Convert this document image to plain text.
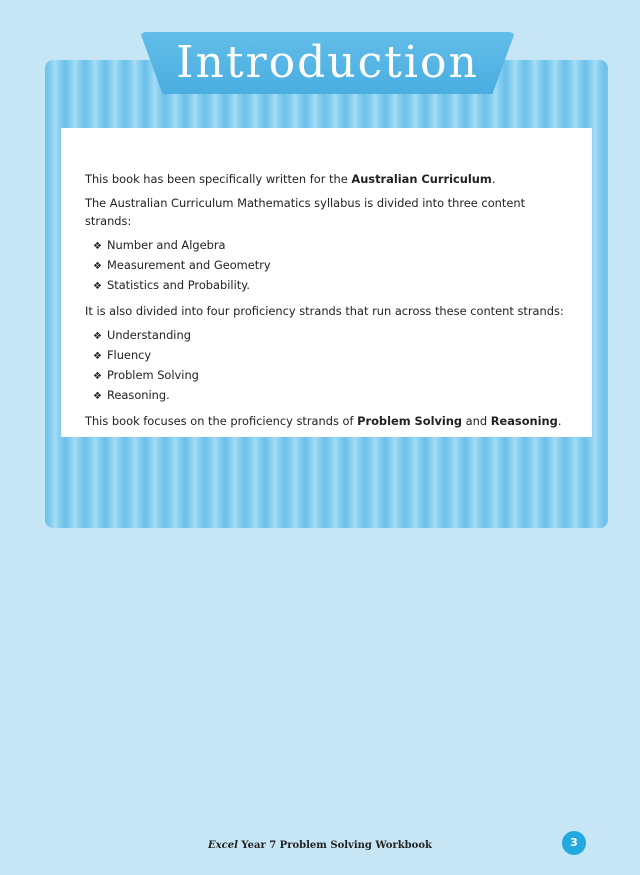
Introduction

This book has been specifically written for the Australian Curriculum.

The Australian Curriculum Mathematics syllabus is divided into three content strands:

❖ Number and Algebra
❖ Measurement and Geometry
❖ Statistics and Probability.

It is also divided into four proficiency strands that run across these content strands:

❖ Understanding
❖ Fluency
❖ Problem Solving
❖ Reasoning.

This book focuses on the proficiency strands of Problem Solving and Reasoning.

Excel Year 7 Problem Solving Workbook	3
